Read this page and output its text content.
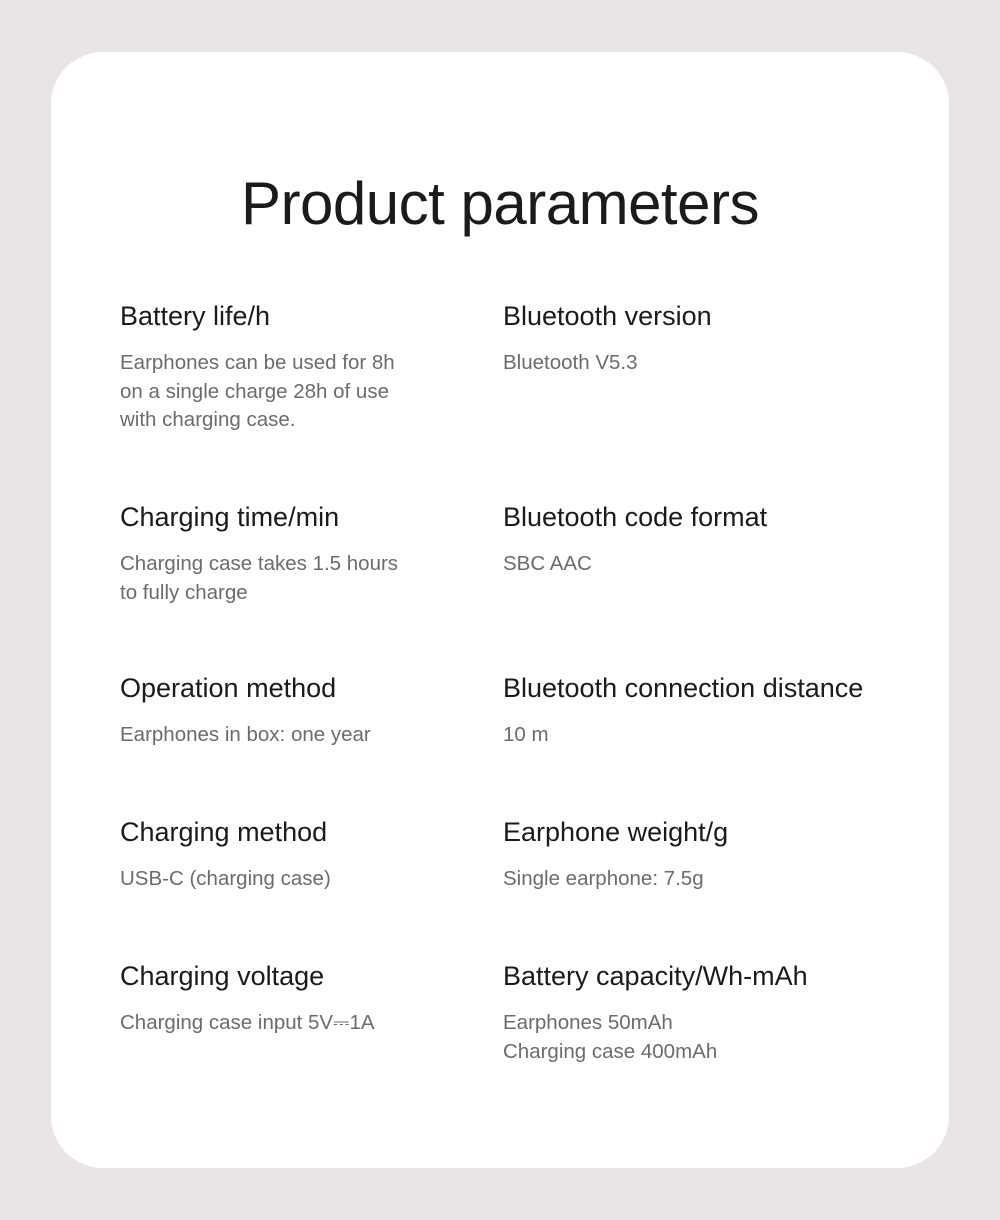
Product parameters
Battery life/h
Earphones can be used for 8h
on a single charge 28h of use
with charging case.
Bluetooth version
Bluetooth V5.3
Charging time/min
Charging case takes 1.5 hours
to fully charge
Bluetooth code format
SBC AAC
Operation method
Earphones in box: one year
Bluetooth connection distance
10 m
Charging method
USB-C (charging case)
Earphone weight/g
Single earphone: 7.5g
Charging voltage
Charging case input 5V⎓1A
Battery capacity/Wh-mAh
Earphones 50mAh
Charging case 400mAh
